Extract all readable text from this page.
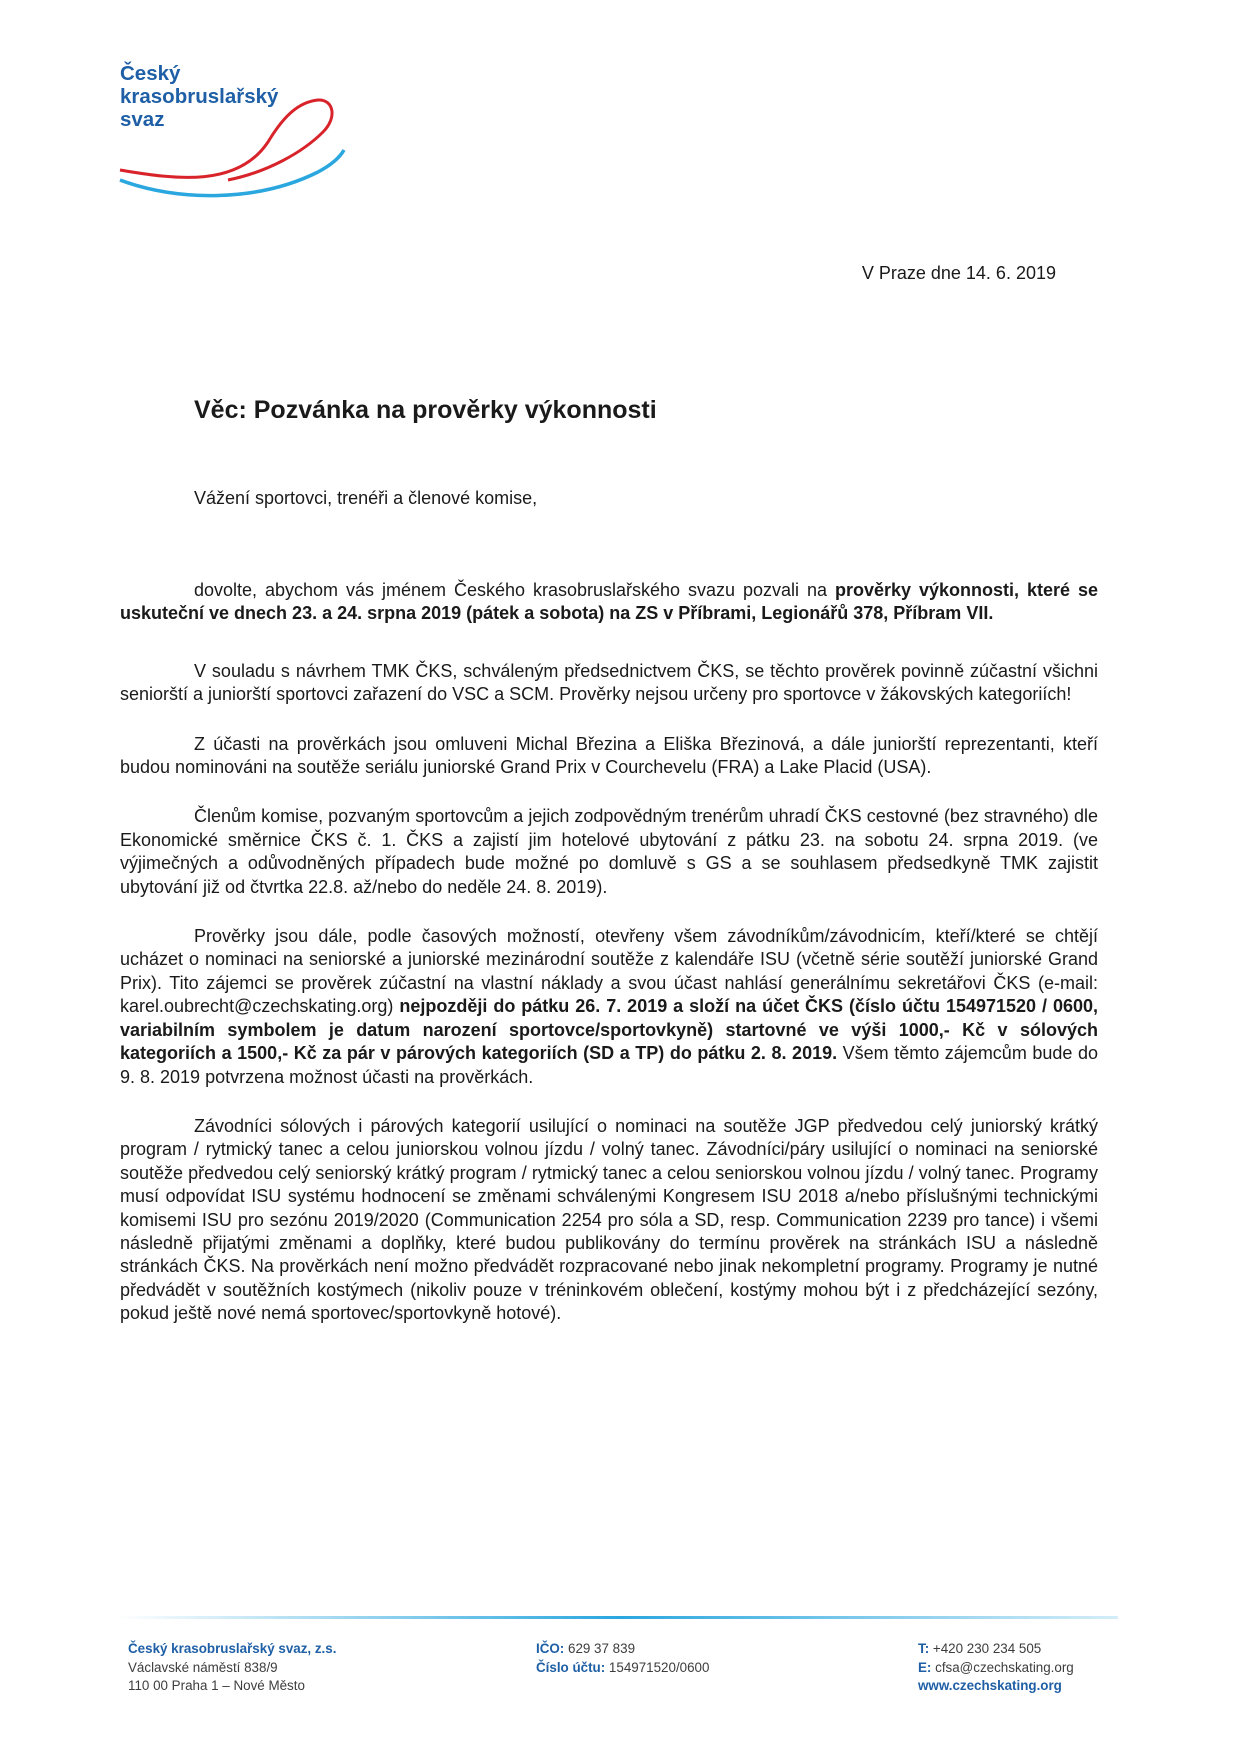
Český
krasobruslařský
svaz
V Praze dne 14. 6. 2019
Věc: Pozvánka na prověrky výkonnosti
Vážení sportovci, trenéři a členové komise,

dovolte, abychom vás jménem Českého krasobruslařského svazu pozvali na prověrky výkonnosti, které se uskuteční ve dnech 23. a 24. srpna 2019 (pátek a sobota) na ZS v Příbrami, Legionářů 378, Příbram VII.

V souladu s návrhem TMK ČKS, schváleným předsednictvem ČKS, se těchto prověrek povinně zúčastní všichni seniorští a juniorští sportovci zařazení do VSC a SCM. Prověrky nejsou určeny pro sportovce v žákovských kategoriích!

Z účasti na prověrkách jsou omluveni Michal Březina a Eliška Březinová, a dále juniorští reprezentanti, kteří budou nominováni na soutěže seriálu juniorské Grand Prix v Courchevelu (FRA) a Lake Placid (USA).

Členům komise, pozvaným sportovcům a jejich zodpovědným trenérům uhradí ČKS cestovné (bez stravného) dle Ekonomické směrnice ČKS č. 1. ČKS a zajistí jim hotelové ubytování z pátku 23. na sobotu 24. srpna 2019. (ve výjimečných a odůvodněných případech bude možné po domluvě s GS a se souhlasem předsedkyně TMK zajistit ubytování již od čtvrtka 22.8. až/nebo do neděle 24. 8. 2019).

Prověrky jsou dále, podle časových možností, otevřeny všem závodníkům/závodnicím, kteří/které se chtějí ucházet o nominaci na seniorské a juniorské mezinárodní soutěže z kalendáře ISU (včetně série soutěží juniorské Grand Prix). Tito zájemci se prověrek zúčastní na vlastní náklady a svou účast nahlásí generálnímu sekretářovi ČKS (e-mail: karel.oubrecht@czechskating.org) nejpozději do pátku 26. 7. 2019 a složí na účet ČKS (číslo účtu 154971520 / 0600, variabilním symbolem je datum narození sportovce/sportovkyně) startovné ve výši 1000,- Kč v sólových kategoriích a 1500,- Kč za pár v párových kategoriích (SD a TP) do pátku 2. 8. 2019. Všem těmto zájemcům bude do 9. 8. 2019 potvrzena možnost účasti na prověrkách.

Závodníci sólových i párových kategorií usilující o nominaci na soutěže JGP předvedou celý juniorský krátký program / rytmický tanec a celou juniorskou volnou jízdu / volný tanec. Závodníci/páry usilující o nominaci na seniorské soutěže předvedou celý seniorský krátký program / rytmický tanec a celou seniorskou volnou jízdu / volný tanec. Programy musí odpovídat ISU systému hodnocení se změnami schválenými Kongresem ISU 2018 a/nebo příslušnými technickými komisemi ISU pro sezónu 2019/2020 (Communication 2254 pro sóla a SD, resp. Communication 2239 pro tance) i všemi následně přijatými změnami a doplňky, které budou publikovány do termínu prověrek na stránkách ISU a následně stránkách ČKS. Na prověrkách není možno předvádět rozpracované nebo jinak nekompletní programy. Programy je nutné předvádět v soutěžních kostýmech (nikoliv pouze v tréninkovém oblečení, kostýmy mohou být i z předcházející sezóny, pokud ještě nové nemá sportovec/sportovkyně hotové).

Český krasobruslařský svaz, z.s.
Václavské náměstí 838/9
110 00 Praha 1 – Nové Město
IČO: 629 37 839
Číslo účtu: 154971520/0600
T: +420 230 234 505
E: cfsa@czechskating.org
www.czechskating.org
